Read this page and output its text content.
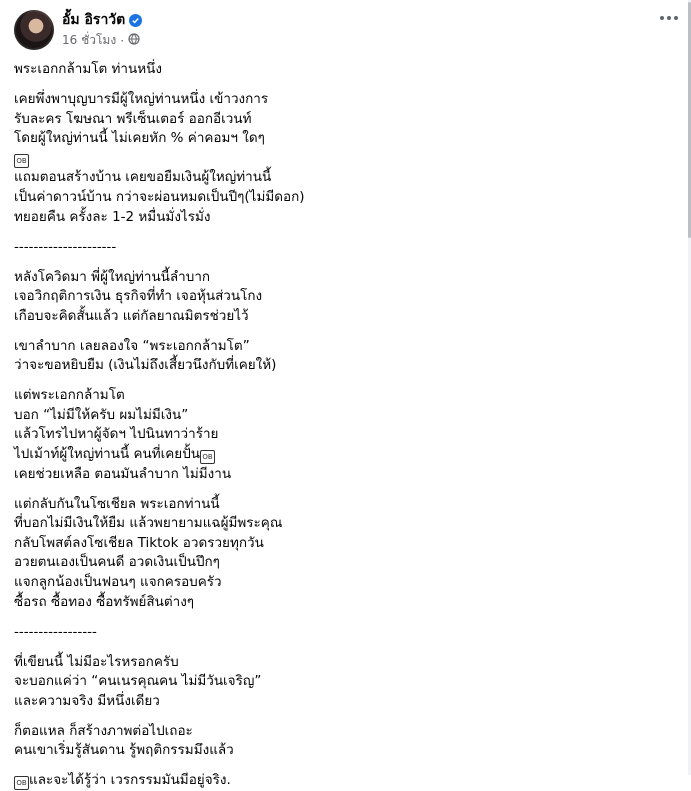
อั้ม อิราวัต
16 ชั่วโมง ·

พระเอกกล้ามโต ท่านหนึ่ง

เคยพึ่งพาบุญบารมีผู้ใหญ่ท่านหนึ่ง เข้าวงการ

รับละคร โฆษณา พรีเซ็นเตอร์ ออกอีเวนท์

โดยผู้ใหญ่ท่านนี้ ไม่เคยหัก % ค่าคอมฯ ใดๆ

OB

แถมตอนสร้างบ้าน เคยขอยืมเงินผู้ใหญ่ท่านนี้

เป็นค่าดาวน์บ้าน กว่าจะผ่อนหมดเป็นปีๆ(ไม่มีดอก)

ทยอยคืน ครั้งละ 1-2 หมื่นมั่งไรมั่ง

---------------------

หลังโควิดมา พี่ผู้ใหญ่ท่านนี้ลำบาก

เจอวิกฤติการเงิน ธุรกิจที่ทำ เจอหุ้นส่วนโกง

เกือบจะคิดสั้นแล้ว แต่กัลยาณมิตรช่วยไว้

เขาลำบาก เลยลองใจ “พระเอกกล้ามโต”

ว่าจะขอหยิบยืม (เงินไม่ถึงเสี้ยวนึงกับที่เคยให้)

แต่พระเอกกล้ามโต

บอก “ไม่มีให้ครับ ผมไม่มีเงิน”

แล้วโทรไปหาผู้จัดฯ ไปนินทาว่าร้าย

ไปเม้าท์ผู้ใหญ่ท่านนี้ คนที่เคยปั้น OB

เคยช่วยเหลือ ตอนมันลำบาก ไม่มีงาน

แต่กลับกันในโซเชียล พระเอกท่านนี้

ที่บอกไม่มีเงินให้ยืม แล้วพยายามแฉผู้มีพระคุณ

กลับโพสต์ลงโซเชียล Tiktok อวดรวยทุกวัน

อวยตนเองเป็นคนดี อวดเงินเป็นปึกๆ

แจกลูกน้องเป็นฟอนๆ แจกครอบครัว

ซื้อรถ ซื้อทอง ซื้อทรัพย์สินต่างๆ

-----------------

ที่เขียนนี้ ไม่มีอะไรหรอกครับ

จะบอกแค่ว่า “คนเนรคุณคน ไม่มีวันเจริญ”

และความจริง มีหนึ่งเดียว

ก็ตอแหล ก็สร้างภาพต่อไปเถอะ

คนเขาเริ่มรู้สันดาน รู้พฤติกรรมมึงแล้ว

OB และจะได้รู้ว่า เวรกรรมมันมีอยู่จริง.
